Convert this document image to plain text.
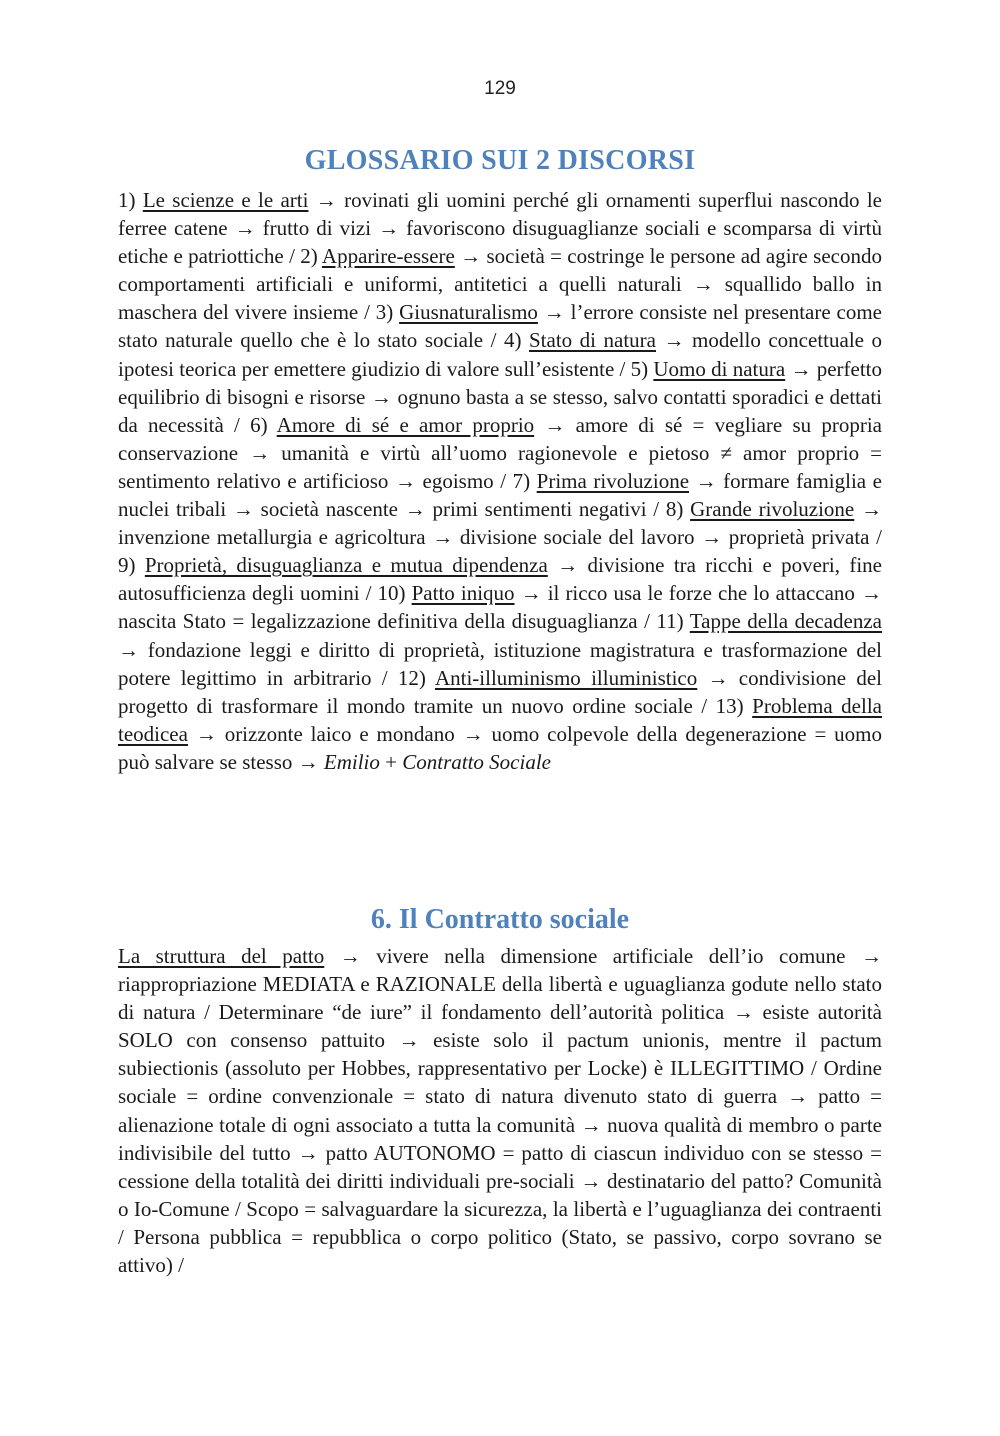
129
GLOSSARIO SUI 2 DISCORSI

1) Le scienze e le arti → rovinati gli uomini perché gli ornamenti superflui nascondo le ferree catene → frutto di vizi → favoriscono disuguaglianze sociali e scomparsa di virtù etiche e patriottiche / 2) Apparire-essere → società = costringe le persone ad agire secondo comportamenti artificiali e uniformi, antitetici a quelli naturali → squallido ballo in maschera del vivere insieme / 3) Giusnaturalismo → l’errore consiste nel presentare come stato naturale quello che è lo stato sociale / 4) Stato di natura → modello concettuale o ipotesi teorica per emettere giudizio di valore sull’esistente / 5) Uomo di natura → perfetto equilibrio di bisogni e risorse → ognuno basta a se stesso, salvo contatti sporadici e dettati da necessità / 6) Amore di sé e amor proprio → amore di sé = vegliare su propria conservazione → umanità e virtù all’uomo ragionevole e pietoso ≠ amor proprio = sentimento relativo e artificioso → egoismo / 7) Prima rivoluzione → formare famiglia e nuclei tribali → società nascente → primi sentimenti negativi / 8) Grande rivoluzione → invenzione metallurgia e agricoltura → divisione sociale del lavoro → proprietà privata / 9) Proprietà, disuguaglianza e mutua dipendenza → divisione tra ricchi e poveri, fine autosufficienza degli uomini / 10) Patto iniquo → il ricco usa le forze che lo attaccano → nascita Stato = legalizzazione definitiva della disuguaglianza / 11) Tappe della decadenza → fondazione leggi e diritto di proprietà, istituzione magistratura e trasformazione del potere legittimo in arbitrario / 12) Anti-illuminismo illuministico → condivisione del progetto di trasformare il mondo tramite un nuovo ordine sociale / 13) Problema della teodicea → orizzonte laico e mondano → uomo colpevole della degenerazione = uomo può salvare se stesso → Emilio + Contratto Sociale

6. Il Contratto sociale

La struttura del patto → vivere nella dimensione artificiale dell’io comune → riappropriazione MEDIATA e RAZIONALE della libertà e uguaglianza godute nello stato di natura / Determinare “de iure” il fondamento dell’autorità politica → esiste autorità SOLO con consenso pattuito → esiste solo il pactum unionis, mentre il pactum subiectionis (assoluto per Hobbes, rappresentativo per Locke) è ILLEGITTIMO / Ordine sociale = ordine convenzionale = stato di natura divenuto stato di guerra → patto = alienazione totale di ogni associato a tutta la comunità → nuova qualità di membro o parte indivisibile del tutto → patto AUTONOMO = patto di ciascun individuo con se stesso = cessione della totalità dei diritti individuali pre-sociali → destinatario del patto? Comunità o Io-Comune / Scopo = salvaguardare la sicurezza, la libertà e l’uguaglianza dei contraenti / Persona pubblica = repubblica o corpo politico (Stato, se passivo, corpo sovrano se attivo) /
